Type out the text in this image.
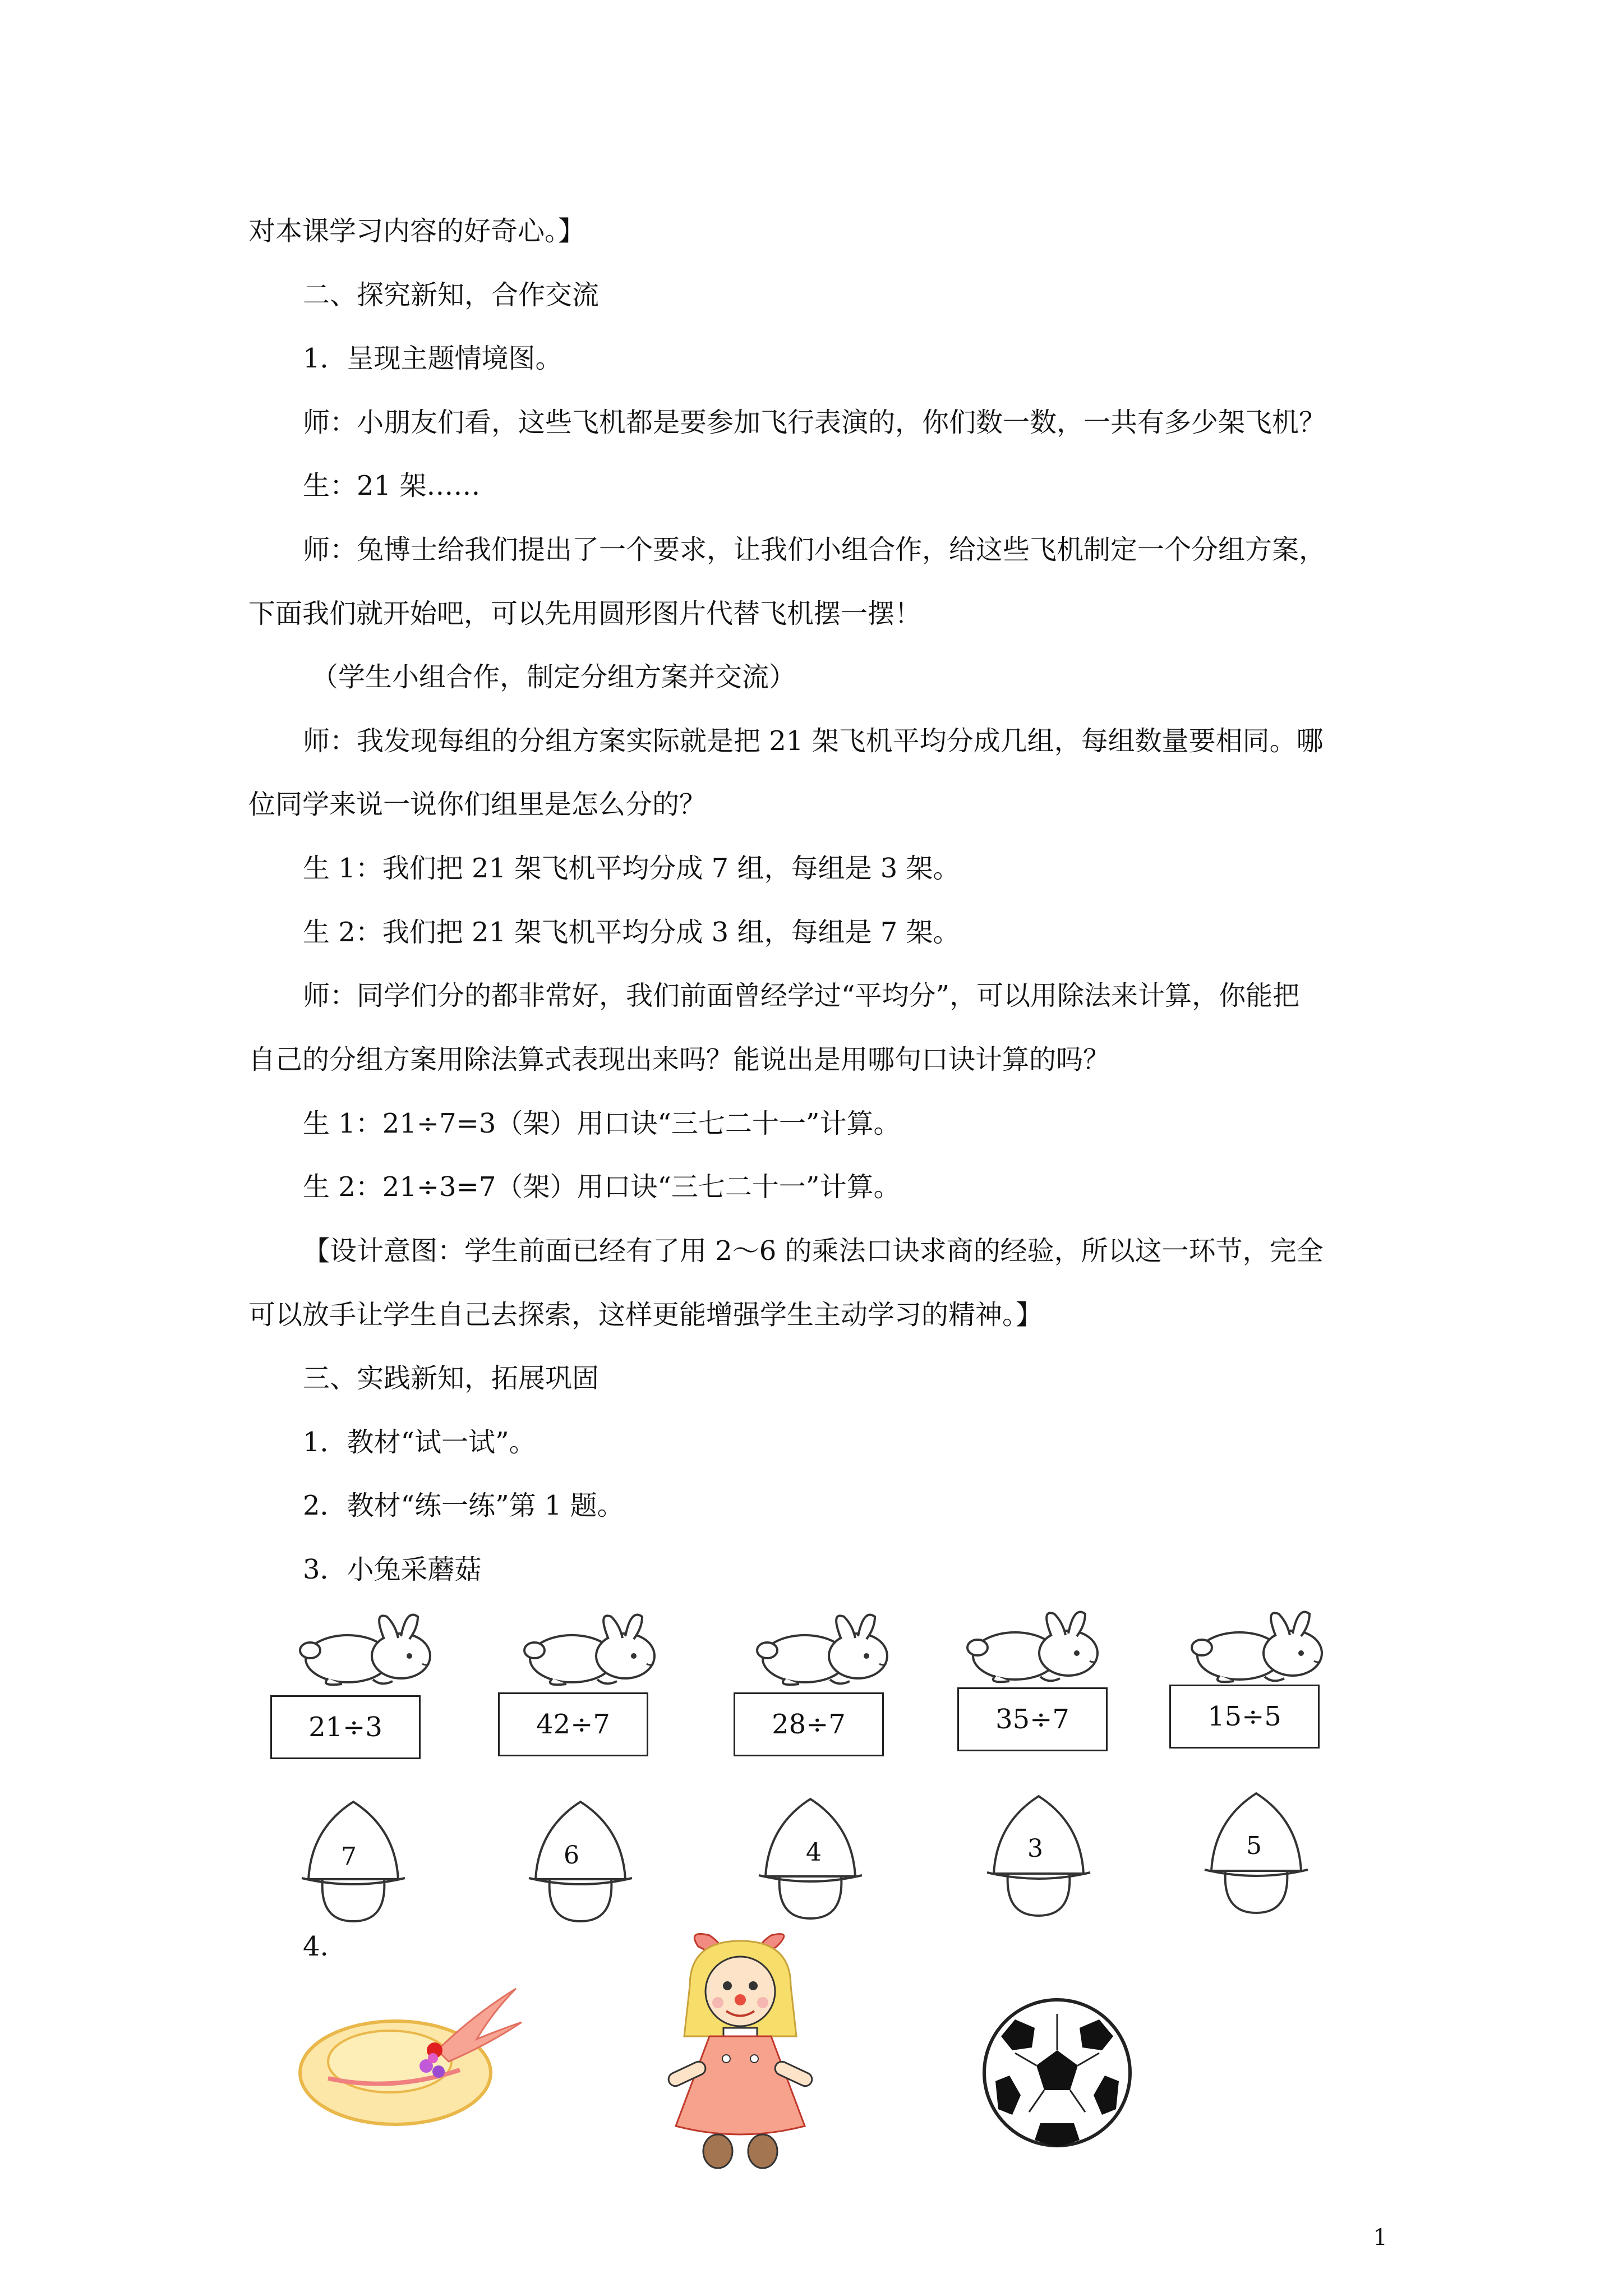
对本课学习内容的好奇心。】
二、探究新知，合作交流
1．呈现主题情境图。
师：小朋友们看，这些飞机都是要参加飞行表演的，你们数一数，一共有多少架飞机？
生：21 架……
师：兔博士给我们提出了一个要求，让我们小组合作，给这些飞机制定一个分组方案，
下面我们就开始吧，可以先用圆形图片代替飞机摆一摆！
（学生小组合作，制定分组方案并交流）
师：我发现每组的分组方案实际就是把 21 架飞机平均分成几组，每组数量要相同。哪
位同学来说一说你们组里是怎么分的？
生 1：我们把 21 架飞机平均分成 7 组，每组是 3 架。
生 2：我们把 21 架飞机平均分成 3 组，每组是 7 架。
师：同学们分的都非常好，我们前面曾经学过“平均分”，可以用除法来计算，你能把
自己的分组方案用除法算式表现出来吗？能说出是用哪句口诀计算的吗？
生 1：21÷7=3（架）用口诀“三七二十一”计算。
生 2：21÷3=7（架）用口诀“三七二十一”计算。
【设计意图：学生前面已经有了用 2～6 的乘法口诀求商的经验，所以这一环节，完全
可以放手让学生自己去探索，这样更能增强学生主动学习的精神。】
三、实践新知，拓展巩固
1．教材“试一试”。
2．教材“练一练”第 1 题。
3．小兔采蘑菇
21÷3	42÷7	28÷7	35÷7	15÷5
7	6	4	3	5
4.
1
